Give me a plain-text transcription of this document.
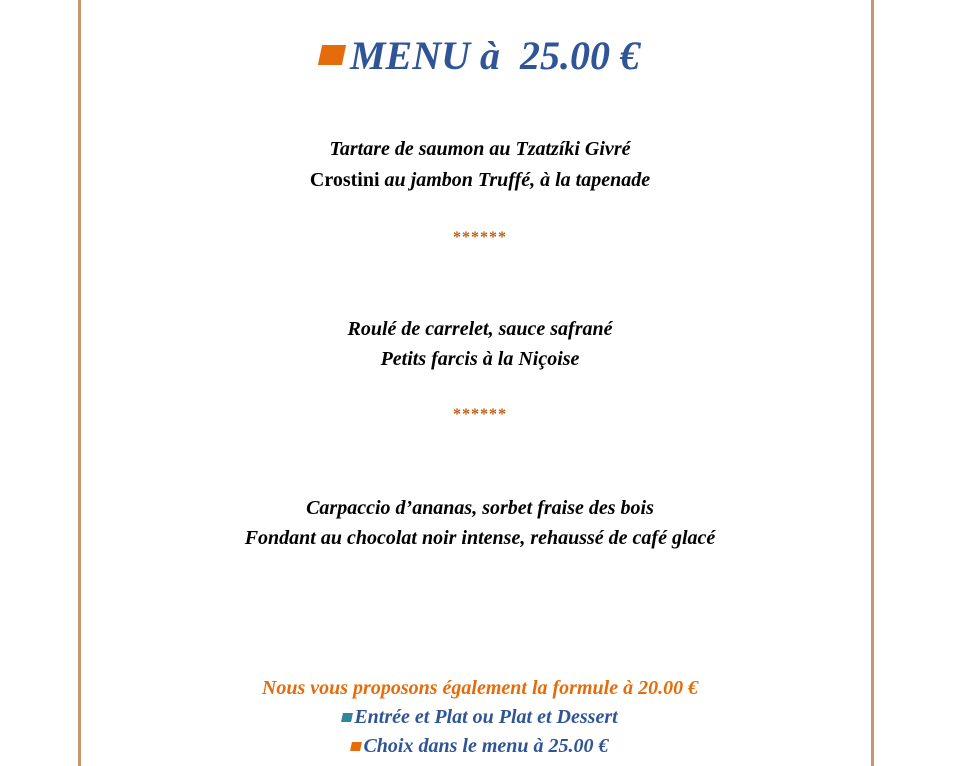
MENU à  25.00 €
Tartare de saumon au Tzatzíki Givré
Crostini au jambon Truffé, à la tapenade
******
Roulé de carrelet, sauce safrané
Petits farcis à la Niçoise
******
Carpaccio d’ananas, sorbet fraise des bois
Fondant au chocolat noir intense, rehaussé de café glacé
Nous vous proposons également la formule à 20.00 €
Entrée et Plat ou Plat et Dessert
Choix dans le menu à 25.00 €
